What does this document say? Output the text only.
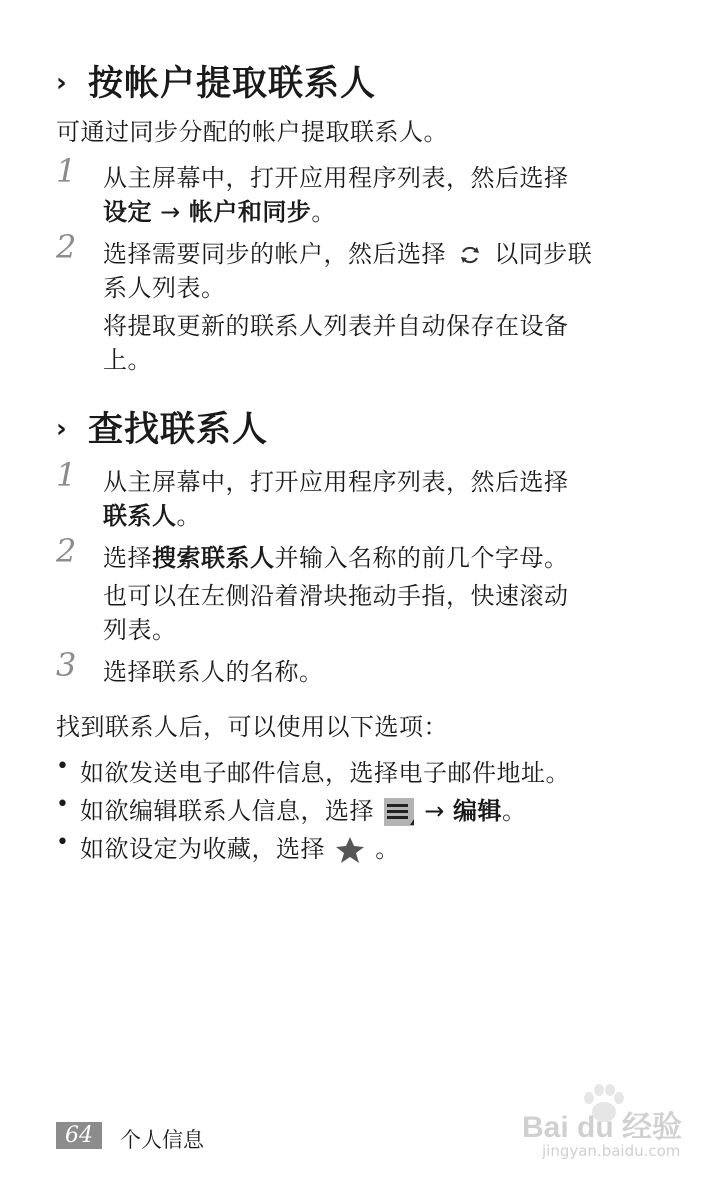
› 按帐户提取联系人
可通过同步分配的帐户提取联系人。
1 从主屏幕中，打开应用程序列表，然后选择
设定 → 帐户和同步。
2 选择需要同步的帐户，然后选择 以同步联
系人列表。
将提取更新的联系人列表并自动保存在设备
上。
› 查找联系人
1 从主屏幕中，打开应用程序列表，然后选择
联系人。
2 选择搜索联系人并输入名称的前几个字母。
也可以在左侧沿着滑块拖动手指，快速滚动
列表。
3 选择联系人的名称。
找到联系人后，可以使用以下选项：
• 如欲发送电子邮件信息，选择电子邮件地址。
• 如欲编辑联系人信息，选择  → 编辑。
• 如欲设定为收藏，选择 。
64	个人信息	Bai du 经验
jingyan.baidu.com
